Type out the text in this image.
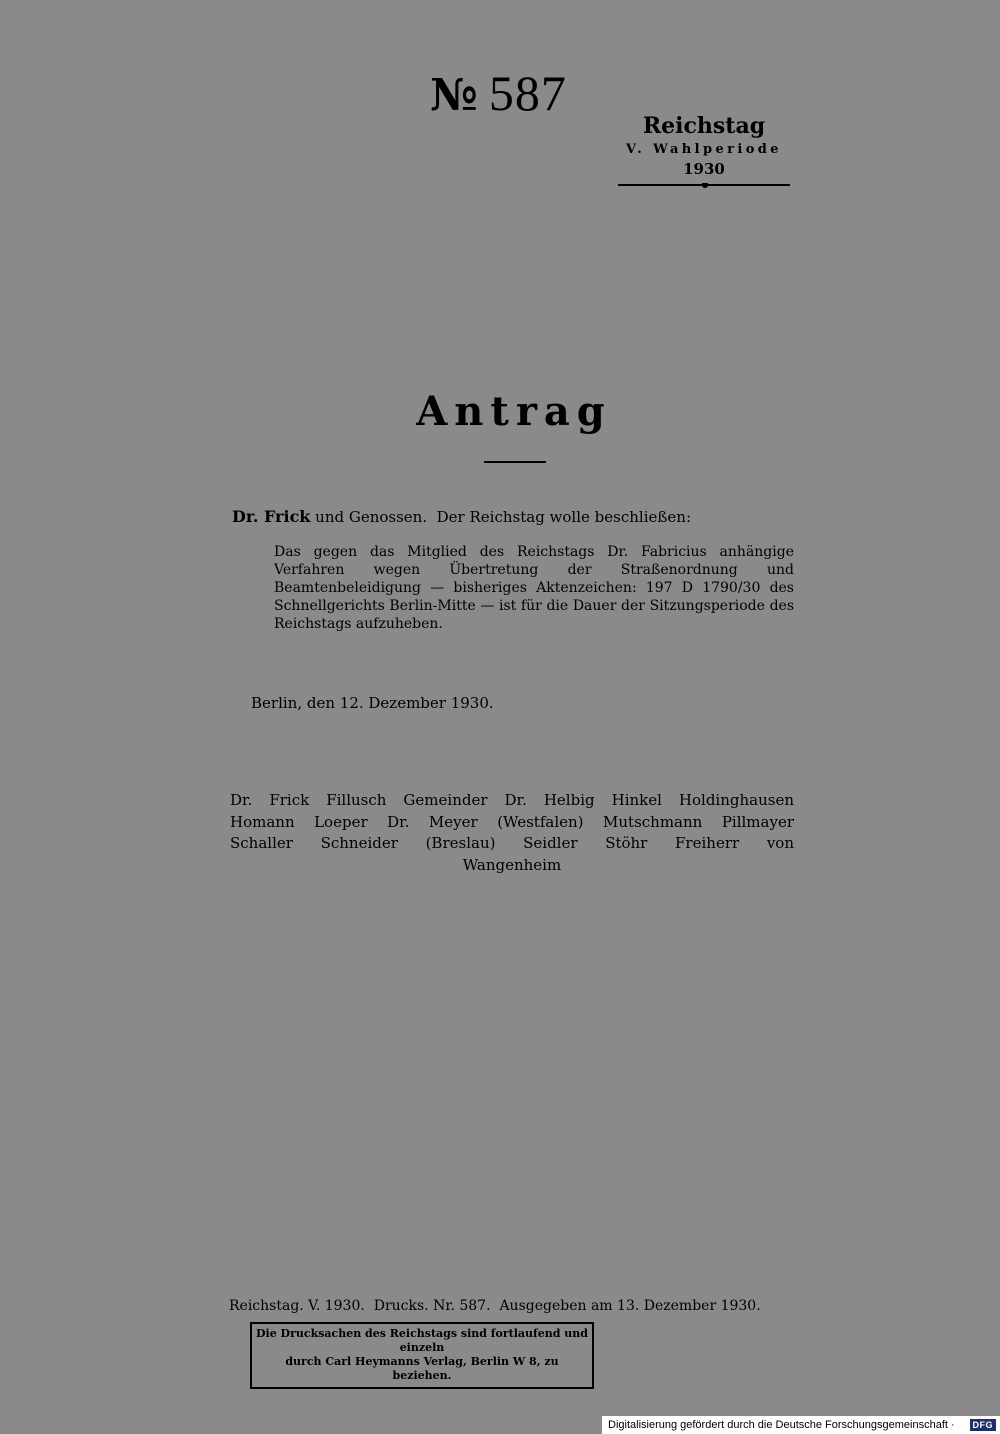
№ 587
Reichstag
V. Wahlperiode
1930
Antrag
Dr. Frick und Genossen.  Der Reichstag wolle beschließen:
Das gegen das Mitglied des Reichstags Dr. Fabricius anhängige Verfahren wegen Übertretung der Straßenordnung und Beamtenbeleidigung — bisheriges Aktenzeichen: 197 D 1790/30 des Schnellgerichts Berlin-Mitte — ist für die Dauer der Sitzungsperiode des Reichstags aufzuheben.
Berlin, den 12. Dezember 1930.
Dr. Frick Fillusch Gemeinder Dr. Helbig Hinkel Holdinghausen Homann Loeper Dr. Meyer (Westfalen) Mutschmann Pillmayer Schaller Schneider (Breslau) Seidler Stöhr Freiherr von Wangenheim
Reichstag. V. 1930.  Drucks. Nr. 587.  Ausgegeben am 13. Dezember 1930.
Die Drucksachen des Reichstags sind fortlaufend und einzeln
durch Carl Heymanns Verlag, Berlin W 8, zu beziehen.
Digitalisierung gefördert durch die Deutsche Forschungsgemeinschaft ·	DFG
